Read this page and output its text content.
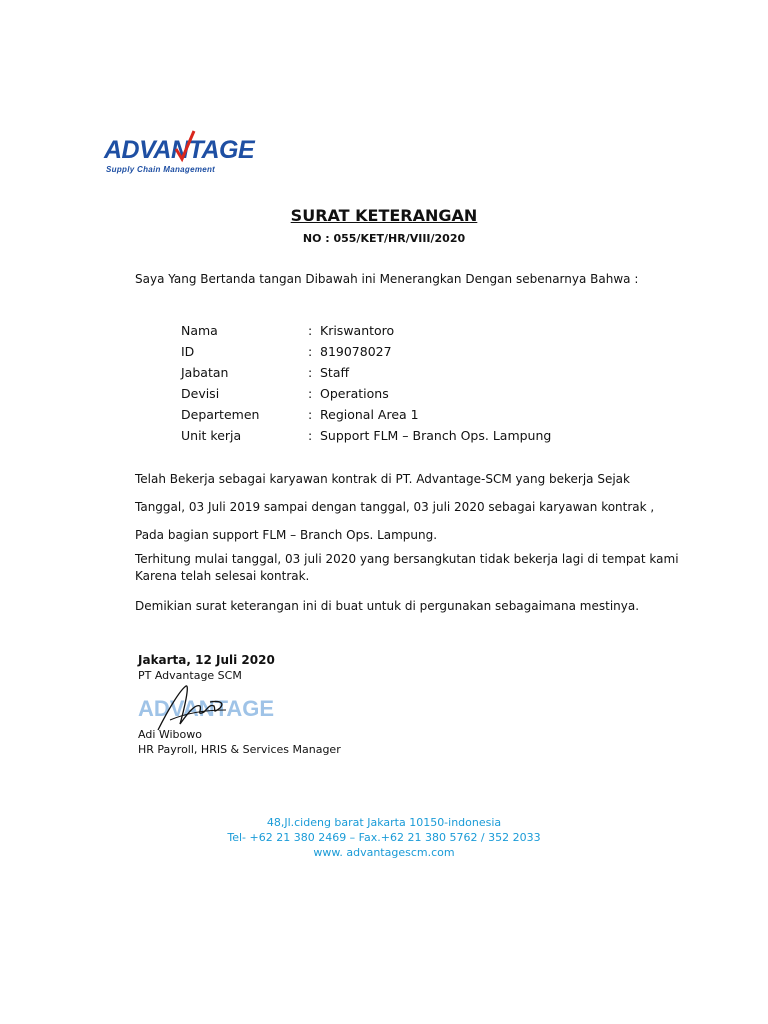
ADVANTAGE
Supply Chain Management
SURAT KETERANGAN
NO : 055/KET/HR/VIII/2020
Saya Yang Bertanda tangan Dibawah ini Menerangkan Dengan sebenarnya Bahwa :
Nama	: Kriswantoro
ID	: 819078027
Jabatan	: Staff
Devisi	: Operations
Departemen	: Regional Area 1
Unit kerja	: Support FLM – Branch Ops. Lampung
Telah Bekerja sebagai karyawan kontrak di PT. Advantage-SCM yang bekerja Sejak
Tanggal, 03 Juli 2019 sampai dengan tanggal, 03 juli 2020 sebagai karyawan kontrak ,
Pada bagian support FLM – Branch Ops. Lampung.
Terhitung mulai tanggal, 03 juli 2020 yang bersangkutan tidak bekerja lagi di tempat kami
Karena telah selesai kontrak.
Demikian surat keterangan ini di buat untuk di pergunakan sebagaimana mestinya.
Jakarta, 12 Juli 2020
PT Advantage SCM
ADVANTAGE
Adi Wibowo
HR Payroll, HRIS & Services Manager
48,Jl.cideng barat Jakarta 10150-indonesia
Tel- +62 21 380 2469 – Fax.+62 21 380 5762 / 352 2033
www. advantagescm.com
